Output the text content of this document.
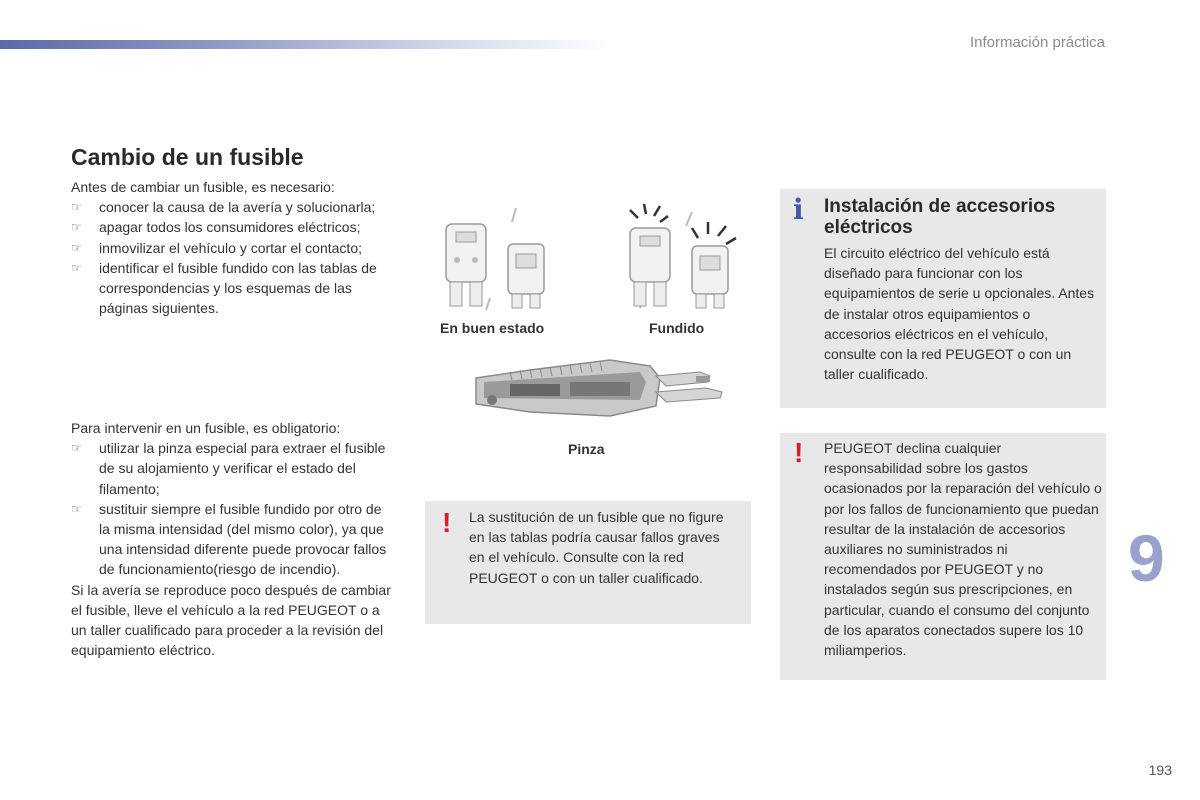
Información práctica
Cambio de un fusible

Antes de cambiar un fusible, es necesario:

☞	conocer la causa de la avería y solucionarla;
☞	apagar todos los consumidores eléctricos;
☞	inmovilizar el vehículo y cortar el contacto;
☞	identificar el fusible fundido con las tablas de correspondencias y los esquemas de las páginas siguientes.

Para intervenir en un fusible, es obligatorio:

☞	utilizar la pinza especial para extraer el fusible de su alojamiento y verificar el estado del filamento;
☞	sustituir siempre el fusible fundido por otro de la misma intensidad (del mismo color), ya que una intensidad diferente puede provocar fallos de funcionamiento(riesgo de incendio).

Si la avería se reproduce poco después de cambiar el fusible, lleve el vehículo a la red PEUGEOT o a un taller cualificado para proceder a la revisión del equipamiento eléctrico.

En buen estado	Fundido
Pinza
! La sustitución de un fusible que no figure en las tablas podría causar fallos graves en el vehículo. Consulte con la red PEUGEOT o con un taller cualificado.
i Instalación de accesorios eléctricos
El circuito eléctrico del vehículo está diseñado para funcionar con los equipamientos de serie u opcionales. Antes de instalar otros equipamientos o accesorios eléctricos en el vehículo, consulte con la red PEUGEOT o con un taller cualificado.
! PEUGEOT declina cualquier responsabilidad sobre los gastos ocasionados por la reparación del vehículo o por los fallos de funcionamiento que puedan resultar de la instalación de accesorios auxiliares no suministrados ni recomendados por PEUGEOT y no instalados según sus prescripciones, en particular, cuando el consumo del conjunto de los aparatos conectados supere los 10 miliamperios.
9
193
